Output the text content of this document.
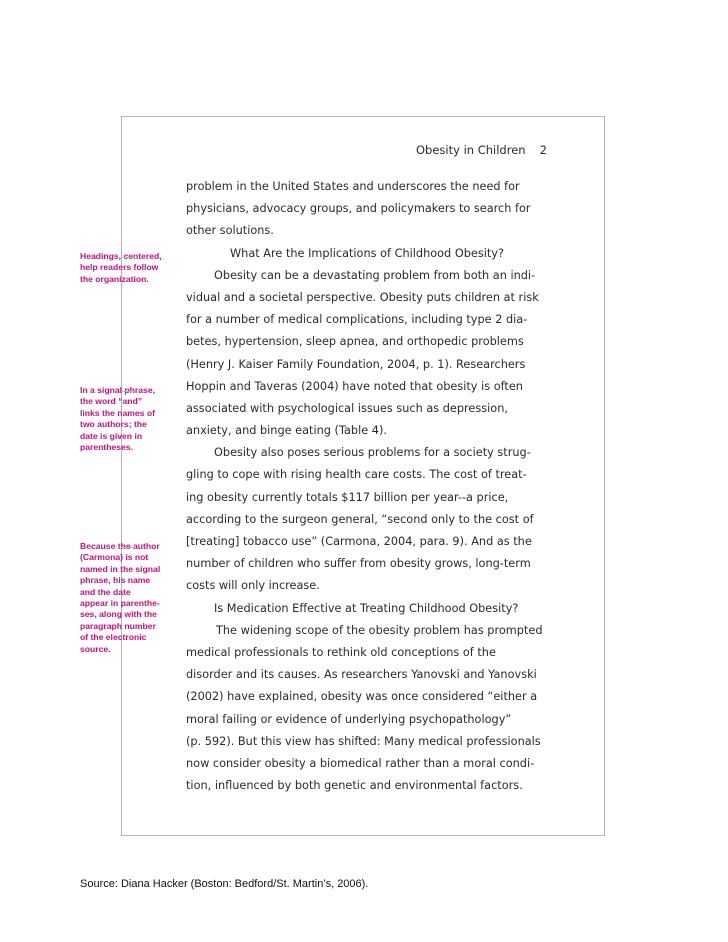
Obesity in Children 2
problem in the United States and underscores the need for
physicians, advocacy groups, and policymakers to search for
other solutions.
What Are the Implications of Childhood Obesity?
Obesity can be a devastating problem from both an indi-
vidual and a societal perspective. Obesity puts children at risk
for a number of medical complications, including type 2 dia-
betes, hypertension, sleep apnea, and orthopedic problems
(Henry J. Kaiser Family Foundation, 2004, p. 1). Researchers
Hoppin and Taveras (2004) have noted that obesity is often
associated with psychological issues such as depression,
anxiety, and binge eating (Table 4).
Obesity also poses serious problems for a society strug-
gling to cope with rising health care costs. The cost of treat-
ing obesity currently totals $117 billion per year--a price,
according to the surgeon general, “second only to the cost of
[treating] tobacco use” (Carmona, 2004, para. 9). And as the
number of children who suffer from obesity grows, long-term
costs will only increase.
Is Medication Effective at Treating Childhood Obesity?
The widening scope of the obesity problem has prompted
medical professionals to rethink old conceptions of the
disorder and its causes. As researchers Yanovski and Yanovski
(2002) have explained, obesity was once considered “either a
moral failing or evidence of underlying psychopathology”
(p. 592). But this view has shifted: Many medical professionals
now consider obesity a biomedical rather than a moral condi-
tion, influenced by both genetic and environmental factors.
Headings, centered,
help readers follow
the organization.
In a signal phrase,
the word “and”
links the names of
two authors; the
date is given in
parentheses.
Because the author
(Carmona) is not
named in the signal
phrase, his name
and the date
appear in parenthe-
ses, along with the
paragraph number
of the electronic
source.
Source: Diana Hacker (Boston: Bedford/St. Martin’s, 2006).
